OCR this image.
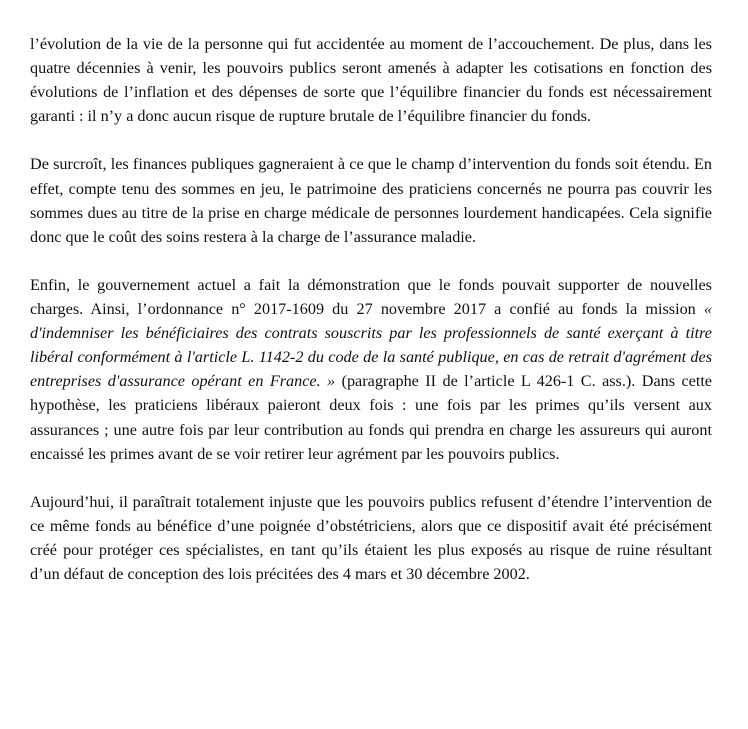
l’évolution de la vie de la personne qui fut accidentée au moment de l’accouchement. De plus, dans les quatre décennies à venir, les pouvoirs publics seront amenés à adapter les cotisations en fonction des évolutions de l’inflation et des dépenses de sorte que l’équilibre financier du fonds est nécessairement garanti : il n’y a donc aucun risque de rupture brutale de l’équilibre financier du fonds.

De surcroît, les finances publiques gagneraient à ce que le champ d’intervention du fonds soit étendu. En effet, compte tenu des sommes en jeu, le patrimoine des praticiens concernés ne pourra pas couvrir les sommes dues au titre de la prise en charge médicale de personnes lourdement handicapées. Cela signifie donc que le coût des soins restera à la charge de l’assurance maladie.

Enfin, le gouvernement actuel a fait la démonstration que le fonds pouvait supporter de nouvelles charges. Ainsi, l’ordonnance n° 2017-1609 du 27 novembre 2017 a confié au fonds la mission « d'indemniser les bénéficiaires des contrats souscrits par les professionnels de santé exerçant à titre libéral conformément à l'article L. 1142-2 du code de la santé publique, en cas de retrait d'agrément des entreprises d'assurance opérant en France. » (paragraphe II de l’article L 426-1 C. ass.). Dans cette hypothèse, les praticiens libéraux paieront deux fois : une fois par les primes qu’ils versent aux assurances ; une autre fois par leur contribution au fonds qui prendra en charge les assureurs qui auront encaissé les primes avant de se voir retirer leur agrément par les pouvoirs publics.

Aujourd’hui, il paraîtrait totalement injuste que les pouvoirs publics refusent d’étendre l’intervention de ce même fonds au bénéfice d’une poignée d’obstétriciens, alors que ce dispositif avait été précisément créé pour protéger ces spécialistes, en tant qu’ils étaient les plus exposés au risque de ruine résultant d’un défaut de conception des lois précitées des 4 mars et 30 décembre 2002.
